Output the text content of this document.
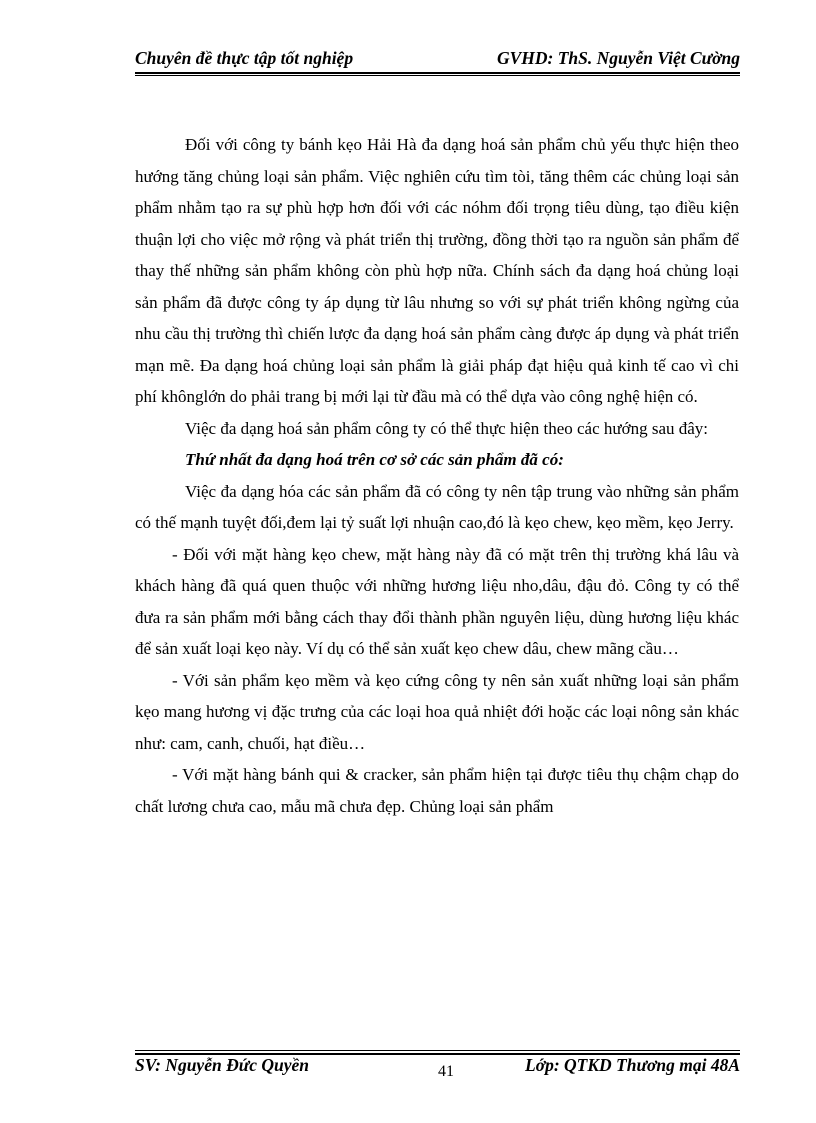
Chuyên đề thực tập tốt nghiệp	GVHD: ThS. Nguyễn Việt Cường

Đối với công ty bánh kẹo Hải Hà đa dạng hoá sản phẩm chủ yếu thực hiện theo hướng tăng chủng loại sản phẩm. Việc nghiên cứu tìm tòi, tăng thêm các chủng loại sản phẩm nhằm tạo ra sự phù hợp hơn đối với các nóhm đối trọng tiêu dùng, tạo điều kiện thuận lợi cho việc mở rộng và phát triển thị trường, đồng thời tạo ra nguồn sản phẩm để thay thế những sản phẩm không còn phù hợp nữa. Chính sách đa dạng hoá chủng loại sản phẩm đã được công ty áp dụng từ lâu nhưng so với sự phát triển không ngừng của nhu cầu thị trường thì chiến lược đa dạng hoá sản phẩm càng được áp dụng và phát triển mạn mẽ. Đa dạng hoá chủng loại sản phẩm là giải pháp đạt hiệu quả kinh tế cao vì chi phí khônglớn do phải trang bị mới lại từ đầu mà có thể dựa vào công nghệ hiện có.

Việc đa dạng hoá sản phẩm công ty có thể thực hiện theo các hướng sau đây:

Thứ nhất đa dạng hoá trên cơ sở các sản phẩm đã có:

Việc đa dạng hóa các sản phẩm đã có công ty nên tập trung vào những sản phẩm có thế mạnh tuyệt đối,đem lại tỷ suất lợi nhuận cao,đó là kẹo chew, kẹo mềm, kẹo Jerry.

- Đối với mặt hàng kẹo chew, mặt hàng này đã có mặt trên thị trường khá lâu và khách hàng đã quá quen thuộc với những hương liệu nho,dâu, đậu đỏ. Công ty có thể đưa ra sản phẩm mới bằng cách thay đổi thành phần nguyên liệu, dùng hương liệu khác để sản xuất loại kẹo này. Ví dụ có thể sản xuất kẹo chew dâu, chew mãng cầu…

- Với sản phẩm kẹo mềm và kẹo cứng công ty nên sản xuất những loại sản phẩm kẹo mang hương vị đặc trưng của các loại hoa quả nhiệt đới hoặc các loại nông sản khác như: cam, canh, chuối, hạt điều…

- Với mặt hàng bánh qui & cracker, sản phẩm hiện tại được tiêu thụ chậm chạp do chất lương chưa cao, mẫu mã chưa đẹp. Chủng loại sản phẩm

SV: Nguyễn Đức Quyền	41	Lớp: QTKD Thương mại 48A
